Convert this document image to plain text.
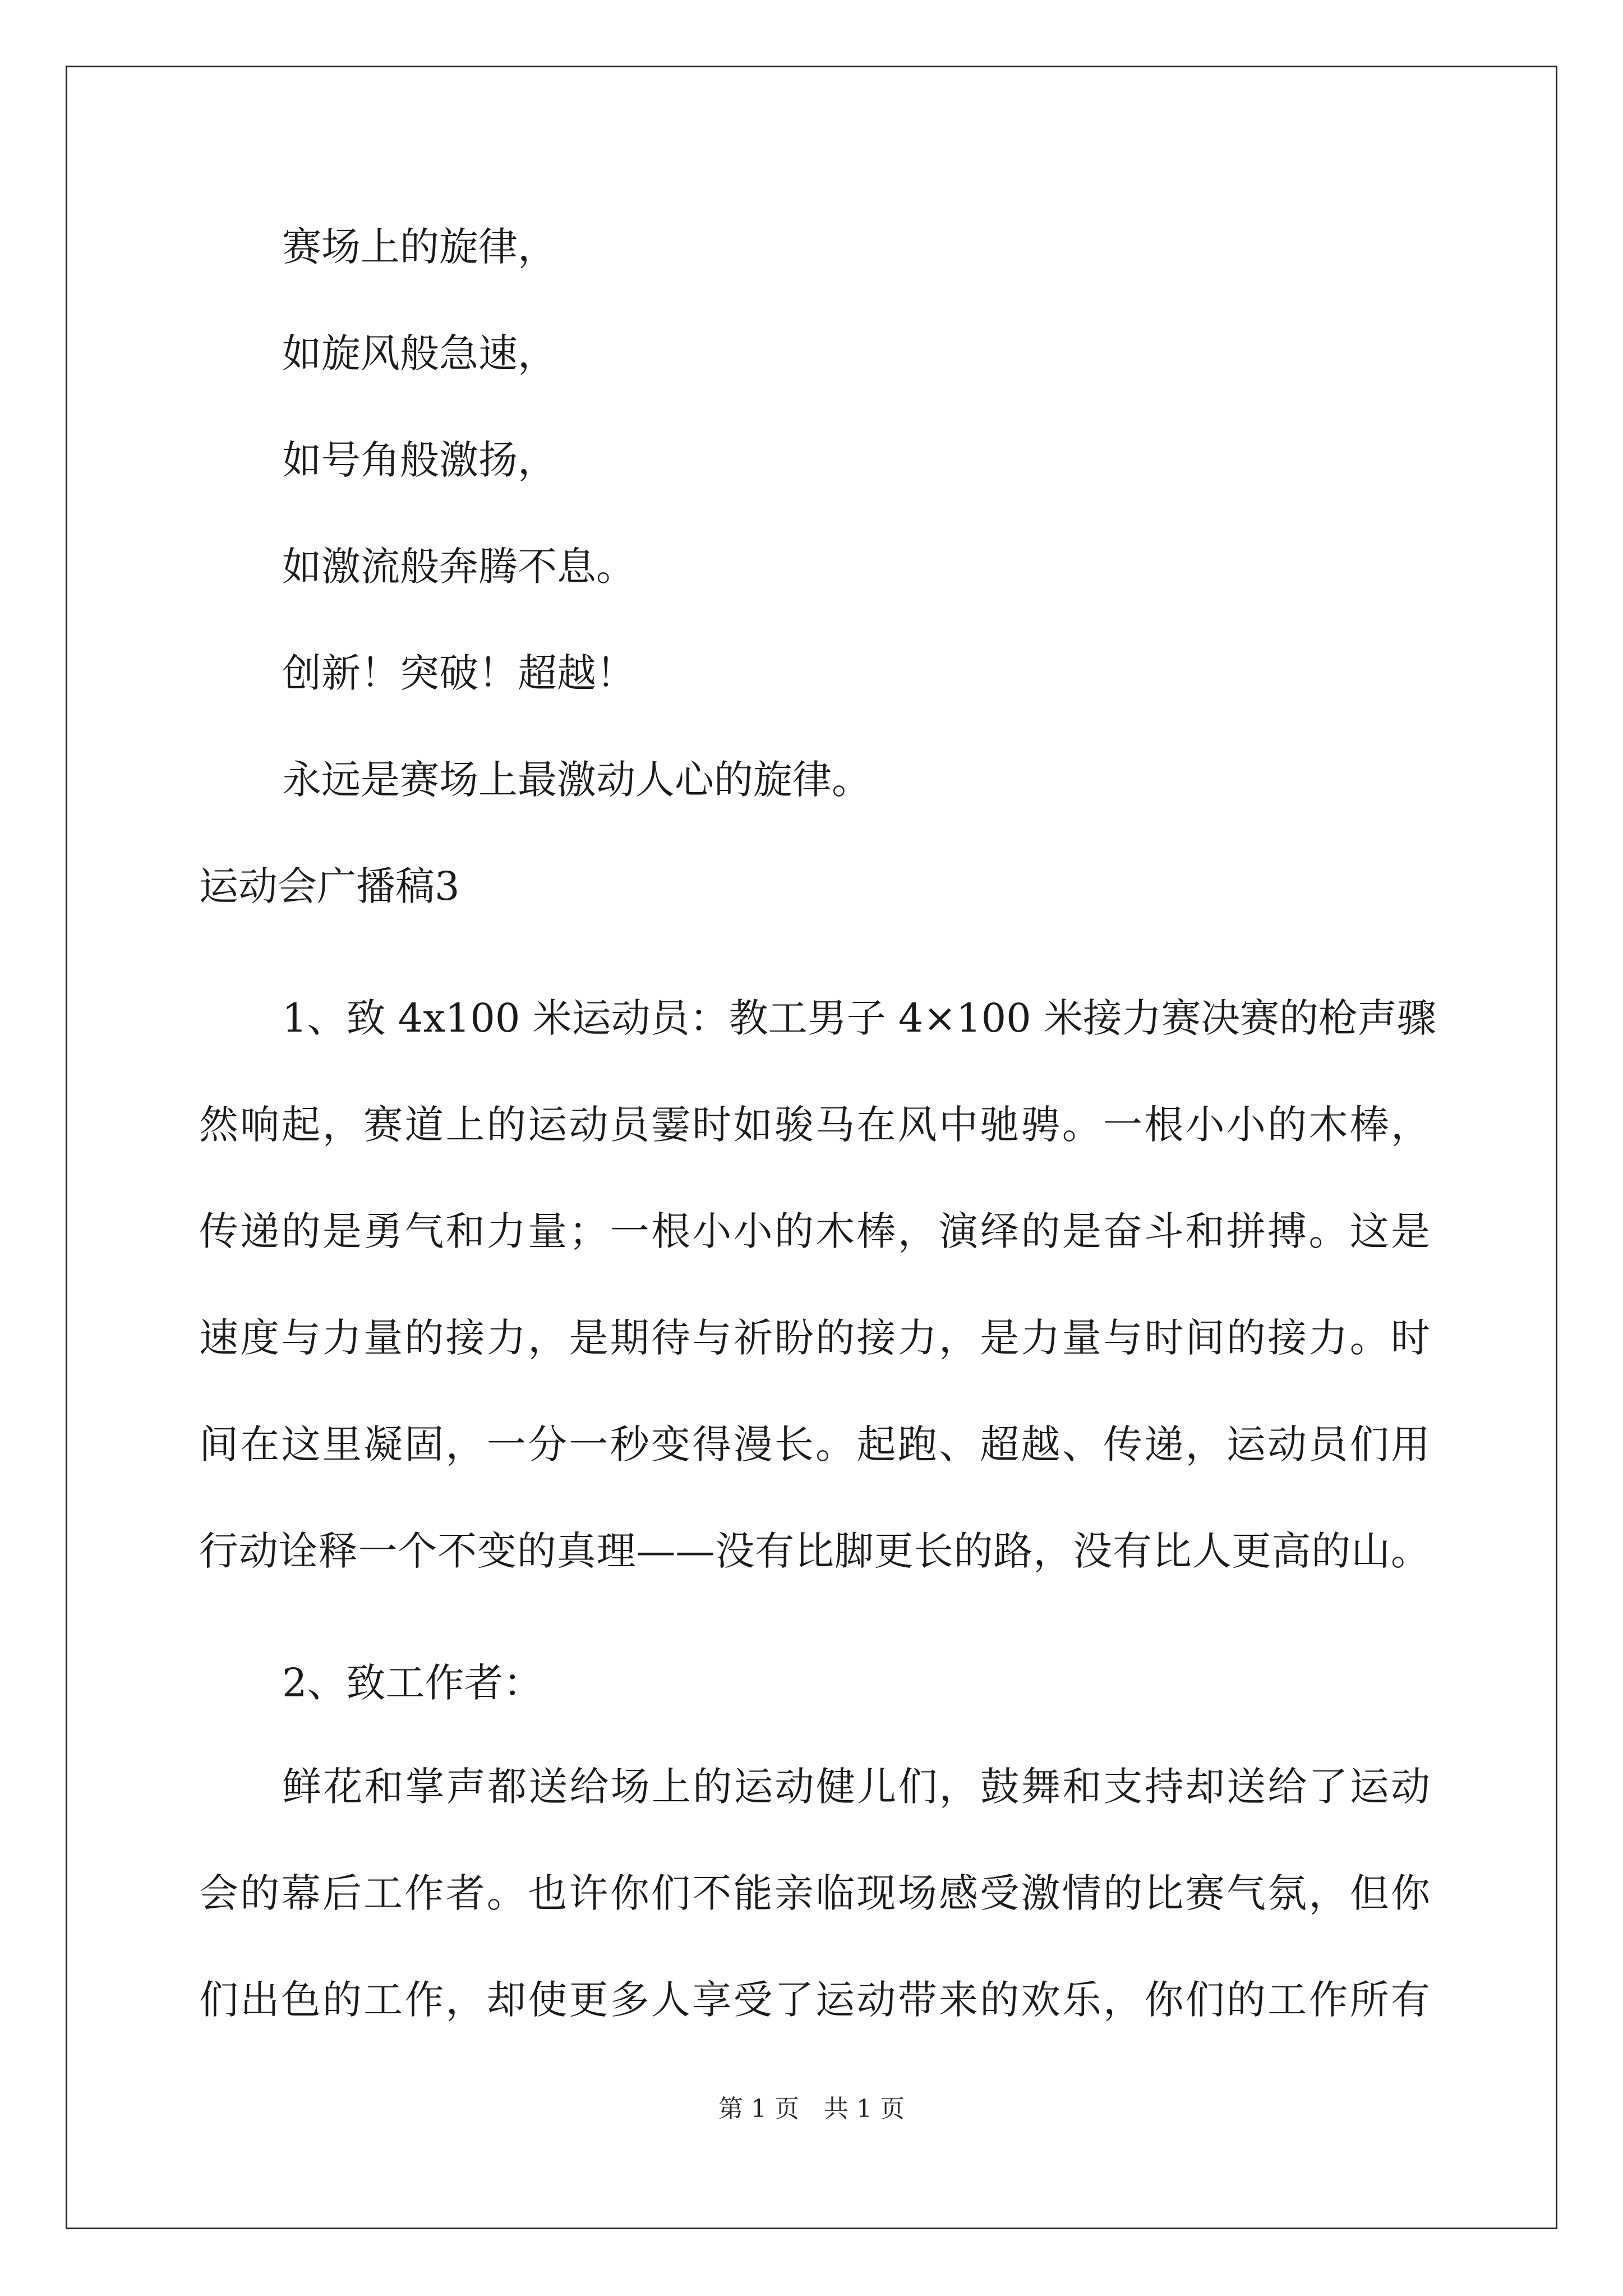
赛场上的旋律，
如旋风般急速，
如号角般激扬，
如激流般奔腾不息。
创新！突破！超越！
永远是赛场上最激动人心的旋律。
运动会广播稿3
1、致 4x100 米运动员：教工男子 4×100 米接力赛决赛的枪声骤
然响起，赛道上的运动员霎时如骏马在风中驰骋。一根小小的木棒，
传递的是勇气和力量；一根小小的木棒，演绎的是奋斗和拼搏。这是
速度与力量的接力，是期待与祈盼的接力，是力量与时间的接力。时
间在这里凝固，一分一秒变得漫长。起跑、超越、传递，运动员们用
行动诠释一个不变的真理——没有比脚更长的路，没有比人更高的山。
2、致工作者：
鲜花和掌声都送给场上的运动健儿们，鼓舞和支持却送给了运动
会的幕后工作者。也许你们不能亲临现场感受激情的比赛气氛，但你
们出色的工作，却使更多人享受了运动带来的欢乐，你们的工作所有
第 1 页　共 1 页
